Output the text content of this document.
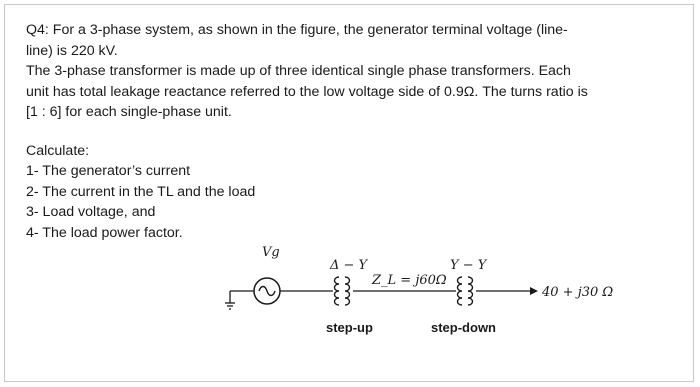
Q4: For a 3-phase system, as shown in the figure, the generator terminal voltage (line-

line) is 220 kV.

The 3-phase transformer is made up of three identical single phase transformers. Each

unit has total leakage reactance referred to the low voltage side of 0.9Ω. The turns ratio is

[1 : 6] for each single-phase unit.

Calculate:

1- The generator’s current
2- The current in the TL and the load
3- Load voltage, and
4- The load power factor.
Vg
Δ − Y
step-up
Z_L = j60Ω
Y − Y
step-down
40 + j30 Ω
